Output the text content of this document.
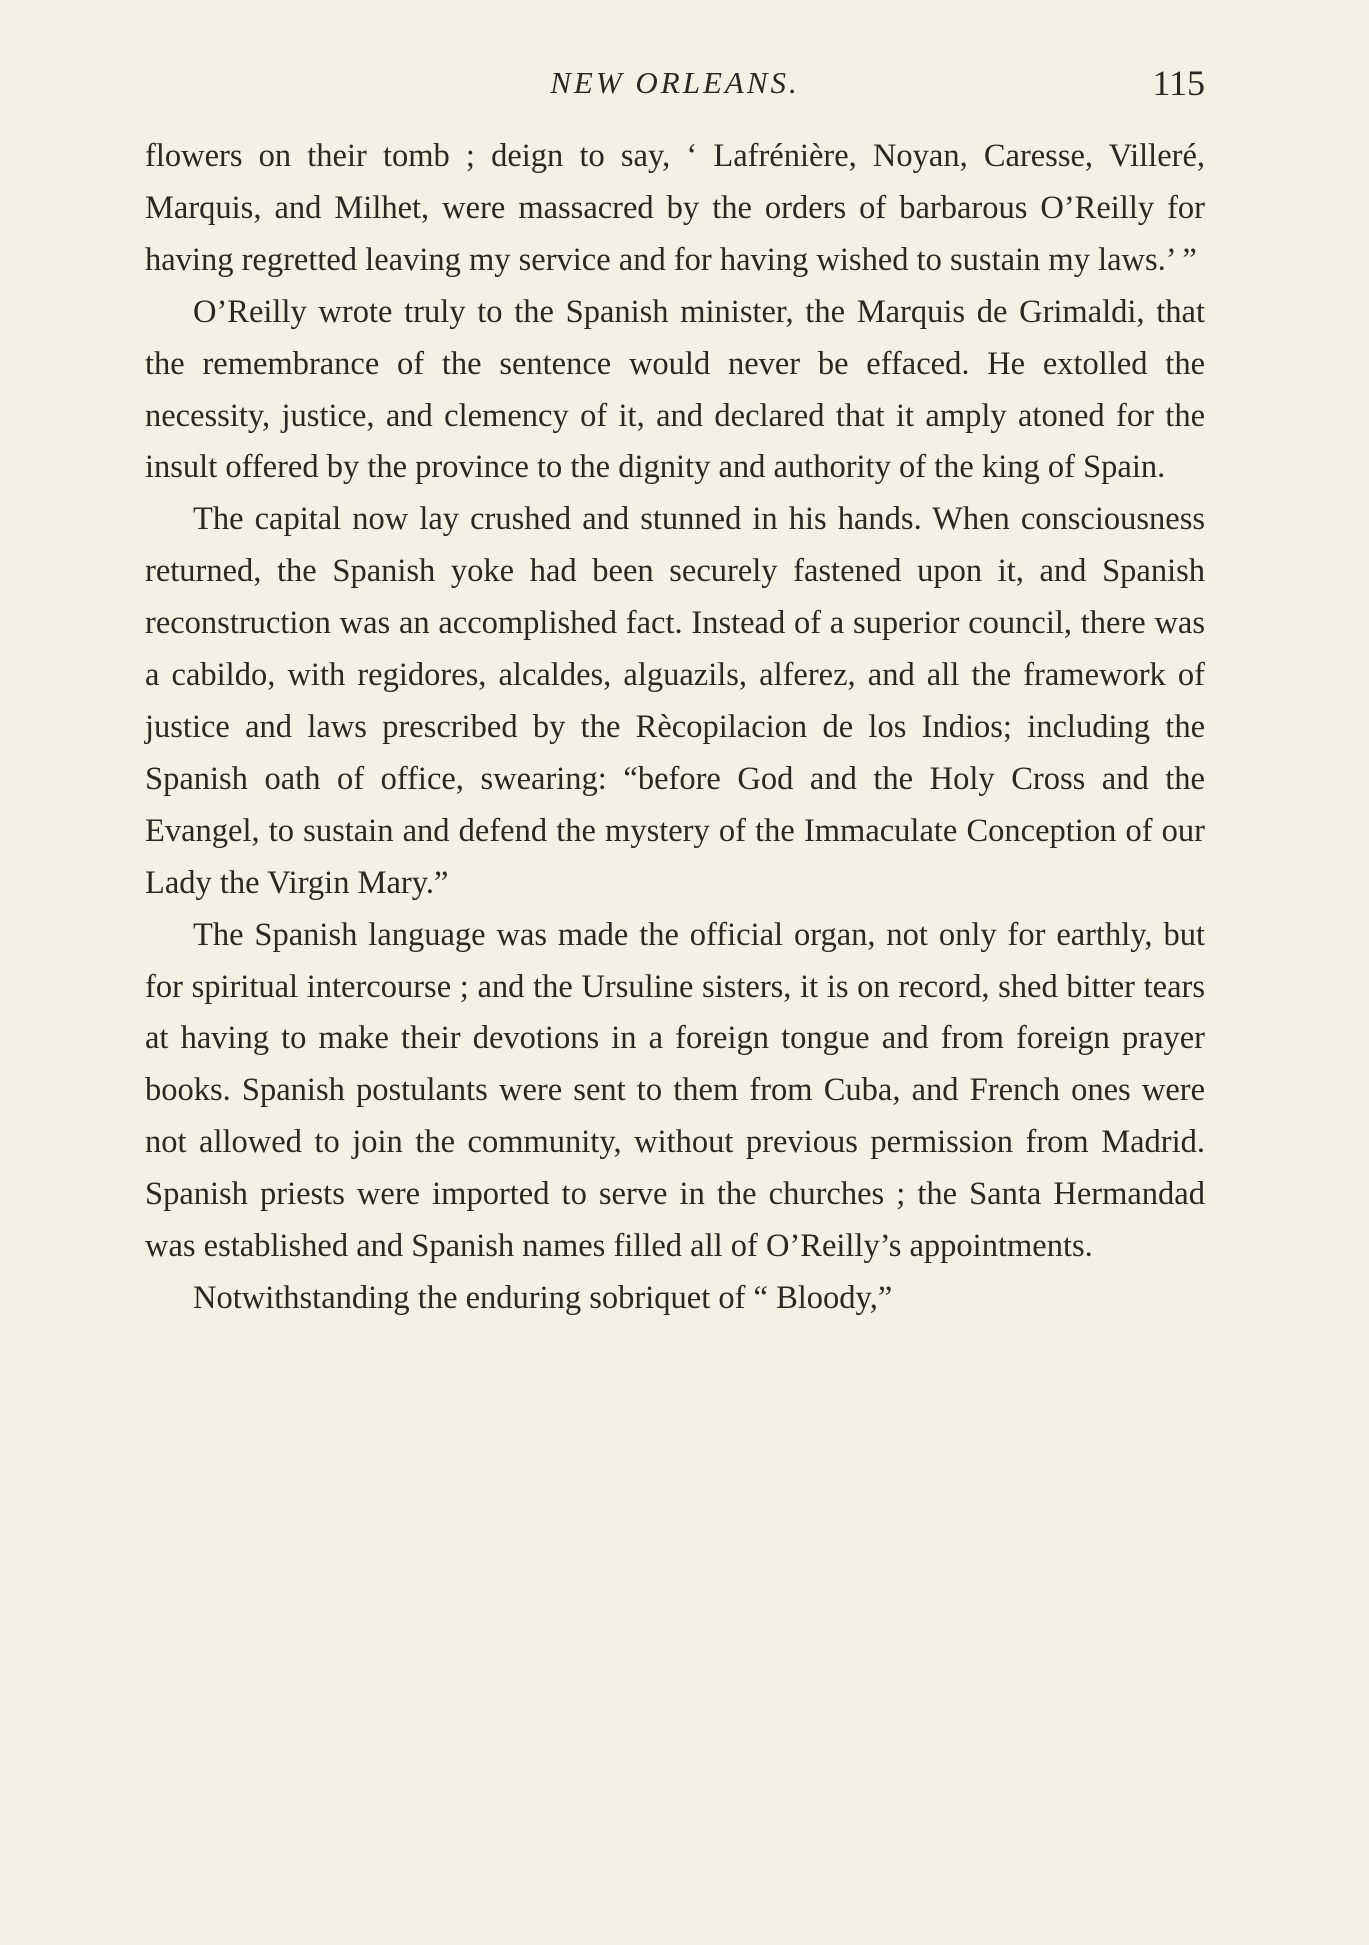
NEW ORLEANS.	115

flowers on their tomb ; deign to say, ‘ Lafrénière, Noyan, Caresse, Villeré, Marquis, and Milhet, were massacred by the orders of barbarous O’Reilly for having regretted leaving my service and for having wished to sustain my laws.’ ”

O’Reilly wrote truly to the Spanish minister, the Marquis de Grimaldi, that the remembrance of the sentence would never be effaced. He extolled the necessity, justice, and clemency of it, and declared that it amply atoned for the insult offered by the province to the dignity and authority of the king of Spain.

The capital now lay crushed and stunned in his hands. When consciousness returned, the Spanish yoke had been securely fastened upon it, and Spanish reconstruction was an accomplished fact. Instead of a superior council, there was a cabildo, with regidores, alcaldes, alguazils, alferez, and all the framework of justice and laws prescribed by the Rècopilacion de los Indios; including the Spanish oath of office, swearing: “before God and the Holy Cross and the Evangel, to sustain and defend the mystery of the Immaculate Conception of our Lady the Virgin Mary.”

The Spanish language was made the official organ, not only for earthly, but for spiritual intercourse ; and the Ursuline sisters, it is on record, shed bitter tears at having to make their devotions in a foreign tongue and from foreign prayer books. Spanish postulants were sent to them from Cuba, and French ones were not allowed to join the community, without previous permission from Madrid. Spanish priests were imported to serve in the churches ; the Santa Hermandad was established and Spanish names filled all of O’Reilly’s appointments.

Notwithstanding the enduring sobriquet of “ Bloody,”
